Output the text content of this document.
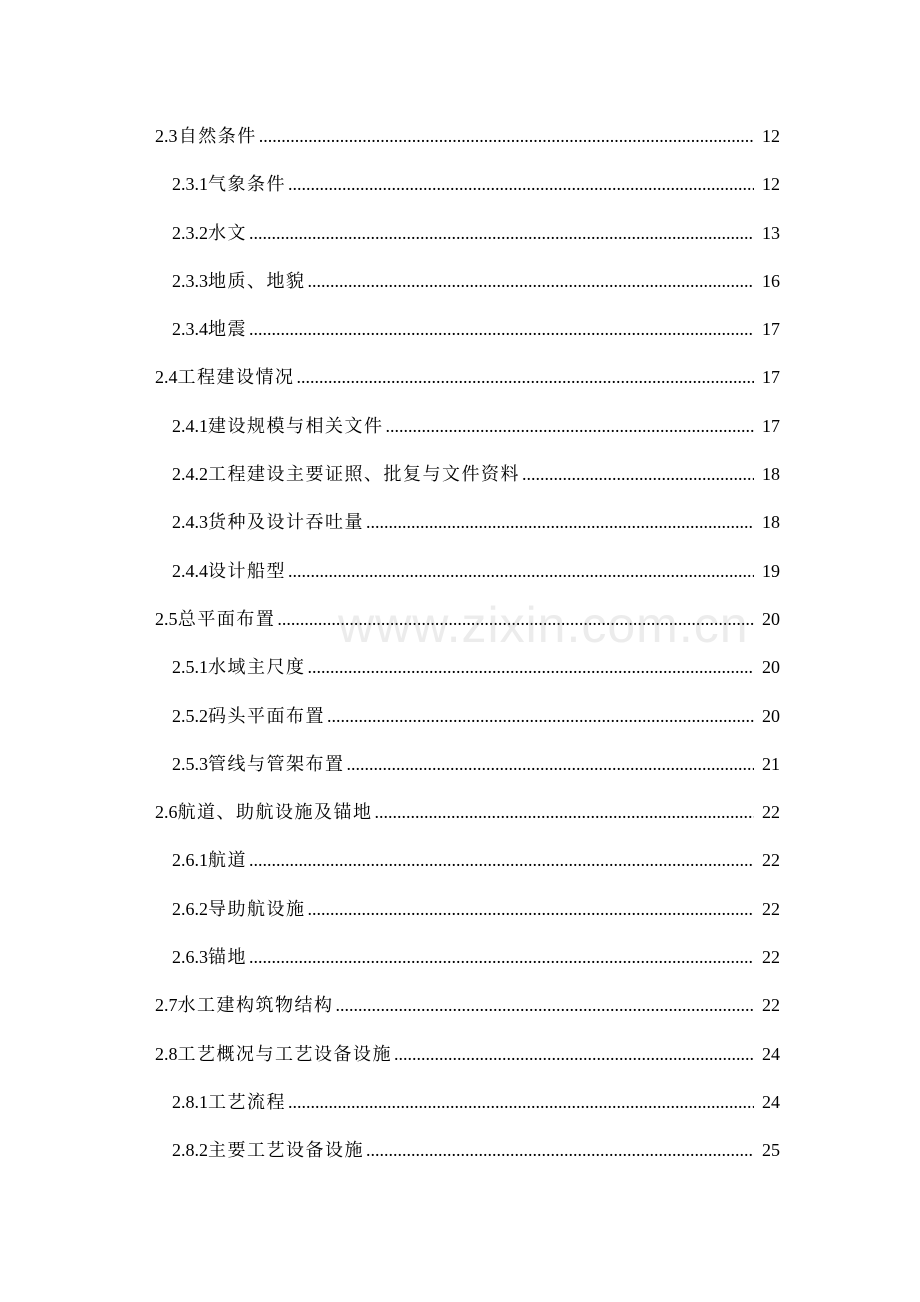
2.3 自然条件 .....	12
2.3.1 气象条件 .....	12
2.3.2 水文 .....	13
2.3.3 地质、地貌 .....	16
2.3.4 地震 .....	17
2.4 工程建设情况 .....	17
2.4.1 建设规模与相关文件 .....	17
2.4.2 工程建设主要证照、批复与文件资料 .....	18
2.4.3 货种及设计吞吐量 .....	18
2.4.4 设计船型 .....	19
2.5 总平面布置 .....	20
2.5.1 水域主尺度 .....	20
2.5.2 码头平面布置 .....	20
2.5.3 管线与管架布置 .....	21
2.6 航道、助航设施及锚地 .....	22
2.6.1 航道 .....	22
2.6.2 导助航设施 .....	22
2.6.3 锚地 .....	22
2.7 水工建构筑物结构 .....	22
2.8 工艺概况与工艺设备设施 .....	24
2.8.1 工艺流程 .....	24
2.8.2 主要工艺设备设施 .....	25
www.zixin.com.cn
